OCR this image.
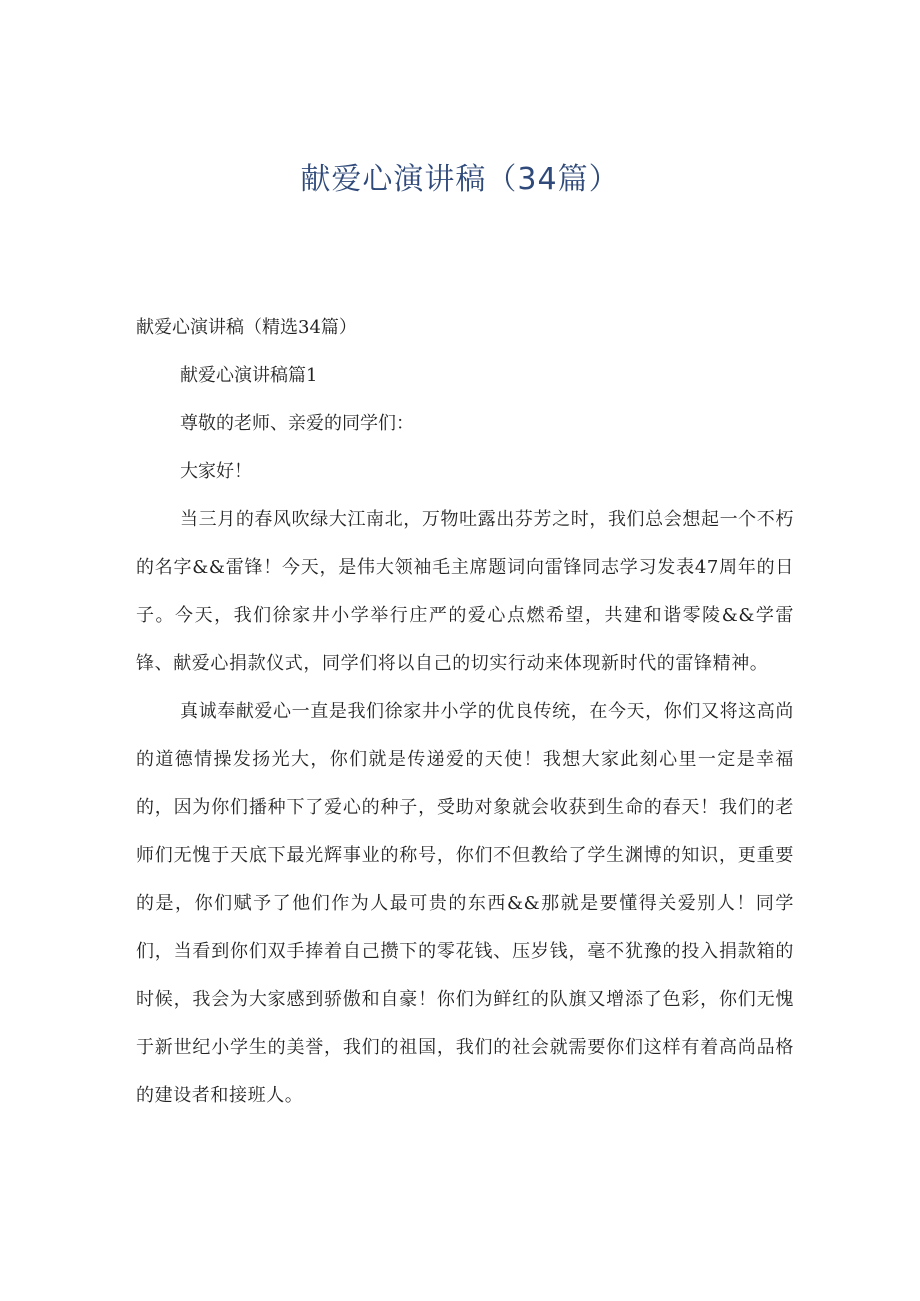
献爱心演讲稿（34篇）

献爱心演讲稿（精选34篇）

献爱心演讲稿篇1

尊敬的老师、亲爱的同学们：

大家好！

当三月的春风吹绿大江南北，万物吐露出芬芳之时，我们总会想起一个不朽的名字&&雷锋！今天，是伟大领袖毛主席题词向雷锋同志学习发表47周年的日子。今天，我们徐家井小学举行庄严的爱心点燃希望，共建和谐零陵&&学雷锋、献爱心捐款仪式，同学们将以自己的切实行动来体现新时代的雷锋精神。

真诚奉献爱心一直是我们徐家井小学的优良传统，在今天，你们又将这高尚的道德情操发扬光大，你们就是传递爱的天使！我想大家此刻心里一定是幸福的，因为你们播种下了爱心的种子，受助对象就会收获到生命的春天！我们的老师们无愧于天底下最光辉事业的称号，你们不但教给了学生渊博的知识，更重要的是，你们赋予了他们作为人最可贵的东西&&那就是要懂得关爱别人！同学们，当看到你们双手捧着自己攒下的零花钱、压岁钱，毫不犹豫的投入捐款箱的时候，我会为大家感到骄傲和自豪！你们为鲜红的队旗又增添了色彩，你们无愧于新世纪小学生的美誉，我们的祖国，我们的社会就需要你们这样有着高尚品格的建设者和接班人。
